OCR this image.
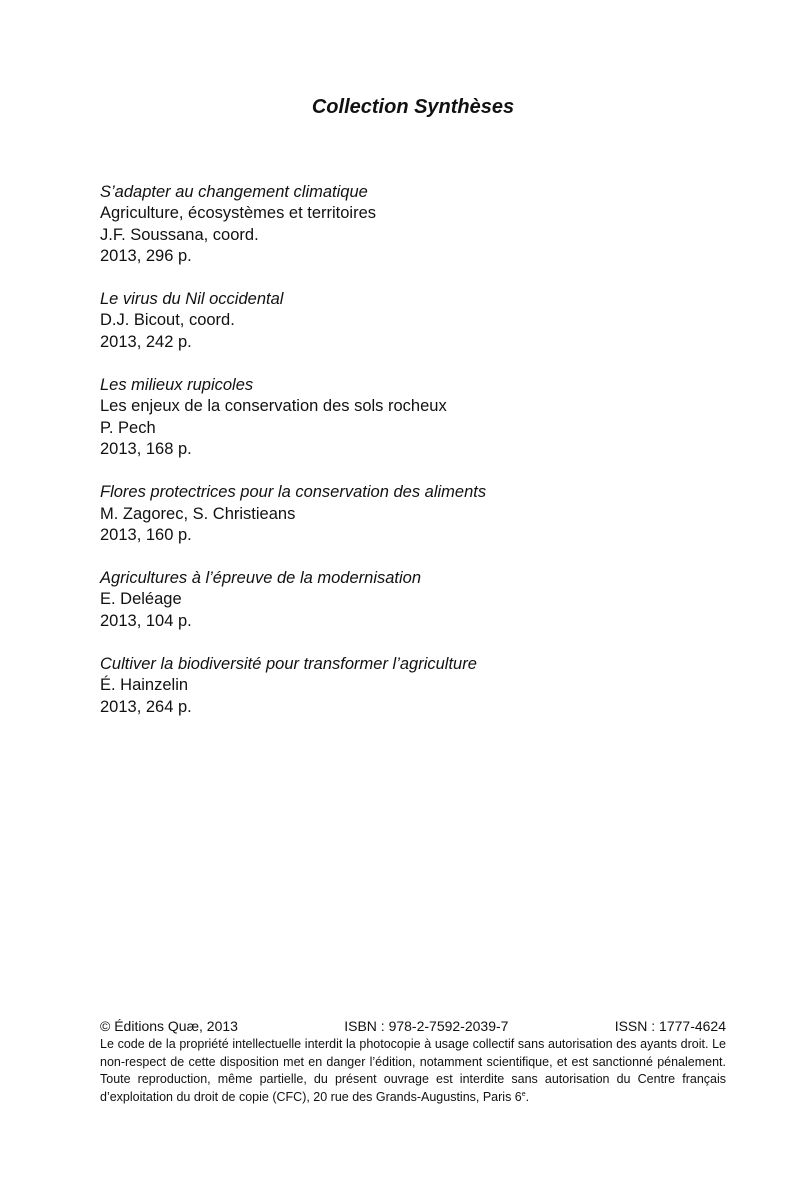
Collection Synthèses
S’adapter au changement climatique
Agriculture, écosystèmes et territoires
J.F. Soussana, coord.
2013, 296 p.
Le virus du Nil occidental
D.J. Bicout, coord.
2013, 242 p.
Les milieux rupicoles
Les enjeux de la conservation des sols rocheux
P. Pech
2013, 168 p.
Flores protectrices pour la conservation des aliments
M. Zagorec, S. Christieans
2013, 160 p.
Agricultures à l’épreuve de la modernisation
E. Deléage
2013, 104 p.
Cultiver la biodiversité pour transformer l’agriculture
É. Hainzelin
2013, 264 p.
© Éditions Quæ, 2013	ISBN : 978-2-7592-2039-7	ISSN : 1777-4624

Le code de la propriété intellectuelle interdit la photocopie à usage collectif sans autorisation des ayants droit. Le non-respect de cette disposition met en danger l’édition, notamment scientifique, et est sanctionné pénalement. Toute reproduction, même partielle, du présent ouvrage est interdite sans autorisation du Centre français d’exploitation du droit de copie (CFC), 20 rue des Grands-Augustins, Paris 6e.
